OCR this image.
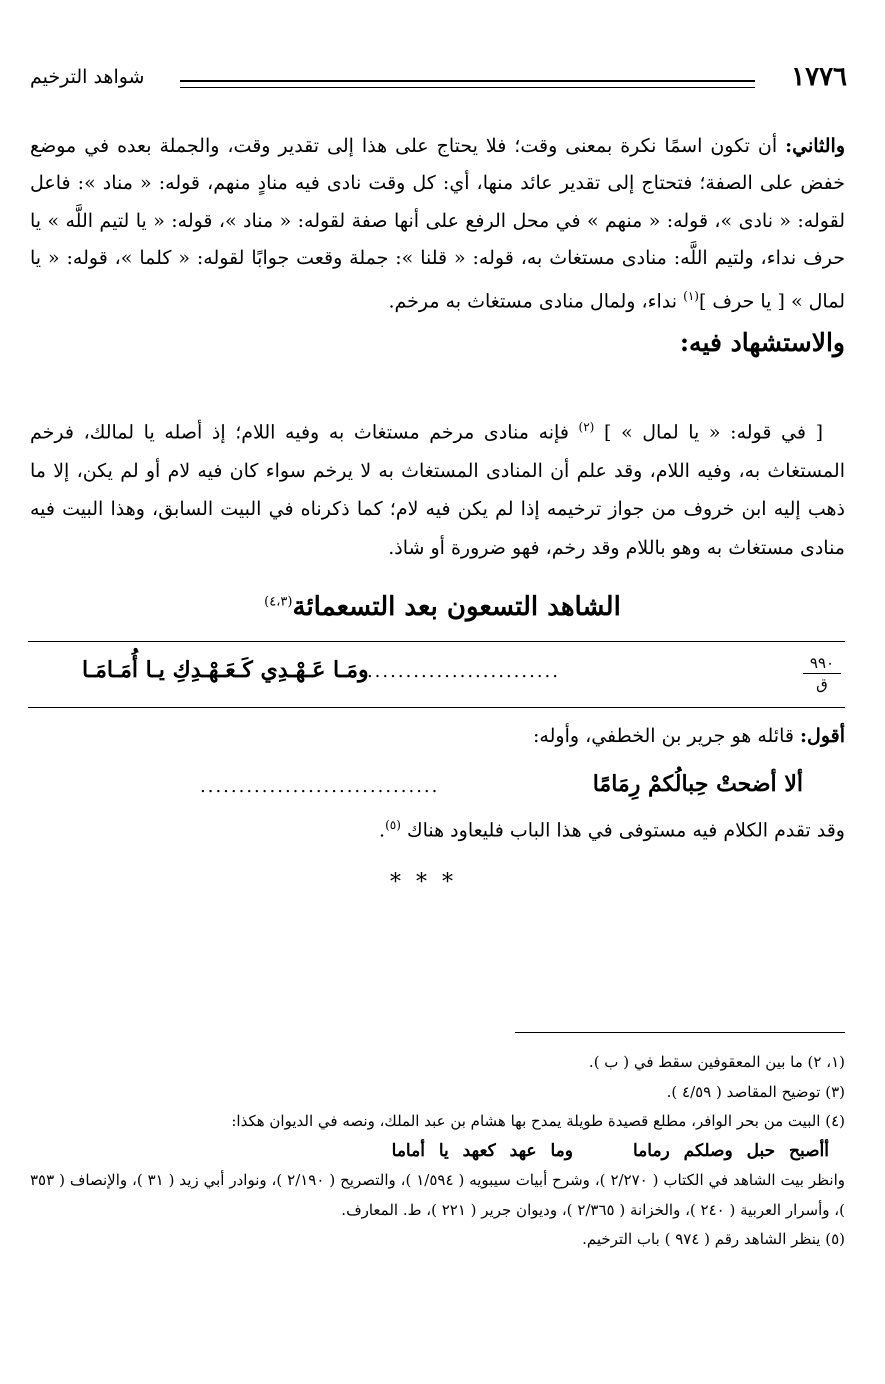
١٧٧٦
شواهد الترخيم

والثاني: أن تكون اسمًا نكرة بمعنى وقت؛ فلا يحتاج على هذا إلى تقدير وقت، والجملة بعده في موضع خفض على الصفة؛ فتحتاج إلى تقدير عائد منها، أي: كل وقت نادى فيه منادٍ منهم، قوله: « مناد »: فاعل لقوله: « نادى »، قوله: « منهم » في محل الرفع على أنها صفة لقوله: « مناد »، قوله: « يا لتيم اللَّه » يا حرف نداء، ولتيم اللَّه: منادى مستغاث به، قوله: « قلنا »: جملة وقعت جوابًا لقوله: « كلما »، قوله: « يا لمال » [ يا حرف ]$^{(١)}$ نداء، ولمال منادى مستغاث به مرخم.

والاستشهاد فيه:

[ في قوله: « يا لمال » ] $^{(٢)}$ فإنه منادى مرخم مستغاث به وفيه اللام؛ إذ أصله يا لمالك، فرخم المستغاث به، وفيه اللام، وقد علم أن المنادى المستغاث به لا يرخم سواء كان فيه لام أو لم يكن، إلا ما ذهب إليه ابن خروف من جواز ترخيمه إذا لم يكن فيه لام؛ كما ذكرناه في البيت السابق، وهذا البيت فيه منادى مستغاث به وهو باللام وقد رخم، فهو ضرورة أو شاذ.

الشاهد التسعون بعد التسعمائة$^{(٤،٣)}$
٩٩٠
ق
..........................
ومَـا عَـهْـدِي كَـعَـهْـدِكِ يـا أُمَـامَـا
أقول: قائله هو جرير بن الخطفي، وأوله:
ألا أضحتْ حِبالُكمْ رِمَامًا
...............................
وقد تقدم الكلام فيه مستوفى في هذا الباب فليعاود هناك $^{(٥)}$.
* * *
(١، ٢) ما بين المعقوفين سقط في ( ب ).
(٣) توضيح المقاصد ( ٤/٥٩ ).
(٤) البيت من بحر الوافر، مطلع قصيدة طويلة يمدح بها هشام بن عبد الملك، ونصه في الديوان هكذا:
أأصبح حبل وصلكم رماماوما عهد كعهد يا أماما
وانظر بيت الشاهد في الكتاب ( ٢/٢٧٠ )، وشرح أبيات سيبويه ( ١/٥٩٤ )، والتصريح ( ٢/١٩٠ )، ونوادر أبي زيد ( ٣١ )، والإنصاف ( ٣٥٣ )، وأسرار العربية ( ٢٤٠ )، والخزانة ( ٢/٣٦٥ )، وديوان جرير ( ٢٢١ )، ط. المعارف.
(٥) ينظر الشاهد رقم ( ٩٧٤ ) باب الترخيم.
